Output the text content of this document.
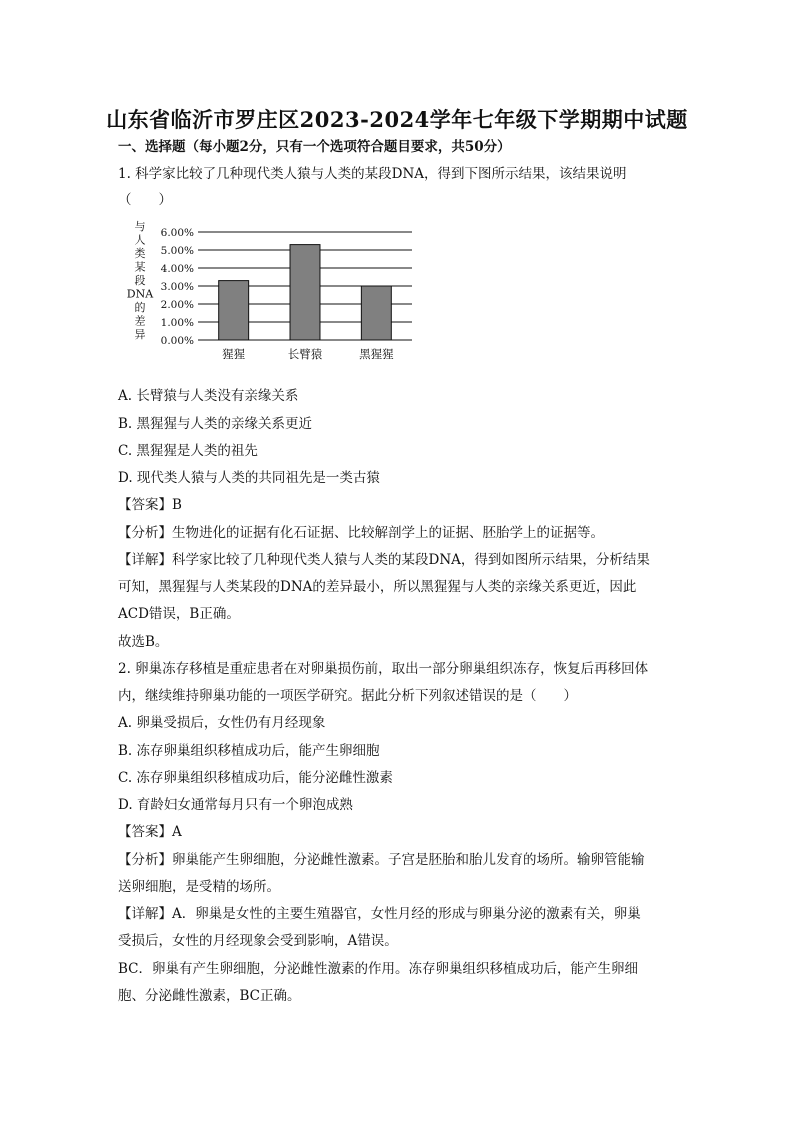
山东省临沂市罗庄区2023-2024学年七年级下学期期中试题
一、选择题（每小题2分，只有一个选项符合题目要求，共50分）
1. 科学家比较了几种现代类人猿与人类的某段DNA，得到下图所示结果，该结果说明
（　　）
与
人
类
某
段
DNA
的
差
异 0.00%
1.00%
2.00%
3.00%
4.00%
5.00%
6.00%
猩猩	长臂猿	黑猩猩
A. 长臂猿与人类没有亲缘关系
B. 黑猩猩与人类的亲缘关系更近
C. 黑猩猩是人类的祖先
D. 现代类人猿与人类的共同祖先是一类古猿
【答案】B
【分析】生物进化的证据有化石证据、比较解剖学上的证据、胚胎学上的证据等。
【详解】科学家比较了几种现代类人猿与人类的某段DNA，得到如图所示结果，分析结果
可知，黑猩猩与人类某段的DNA的差异最小，所以黑猩猩与人类的亲缘关系更近，因此
ACD错误，B正确。
故选B。
2. 卵巢冻存移植是重症患者在对卵巢损伤前，取出一部分卵巢组织冻存，恢复后再移回体
内，继续维持卵巢功能的一项医学研究。据此分析下列叙述错误的是（　　）
A. 卵巢受损后，女性仍有月经现象
B. 冻存卵巢组织移植成功后，能产生卵细胞
C. 冻存卵巢组织移植成功后，能分泌雌性激素
D. 育龄妇女通常每月只有一个卵泡成熟
【答案】A
【分析】卵巢能产生卵细胞，分泌雌性激素。子宫是胚胎和胎儿发育的场所。输卵管能输
送卵细胞，是受精的场所。
【详解】A．卵巢是女性的主要生殖器官，女性月经的形成与卵巢分泌的激素有关，卵巢
受损后，女性的月经现象会受到影响，A错误。
BC．卵巢有产生卵细胞，分泌雌性激素的作用。冻存卵巢组织移植成功后，能产生卵细
胞、分泌雌性激素，BC正确。
